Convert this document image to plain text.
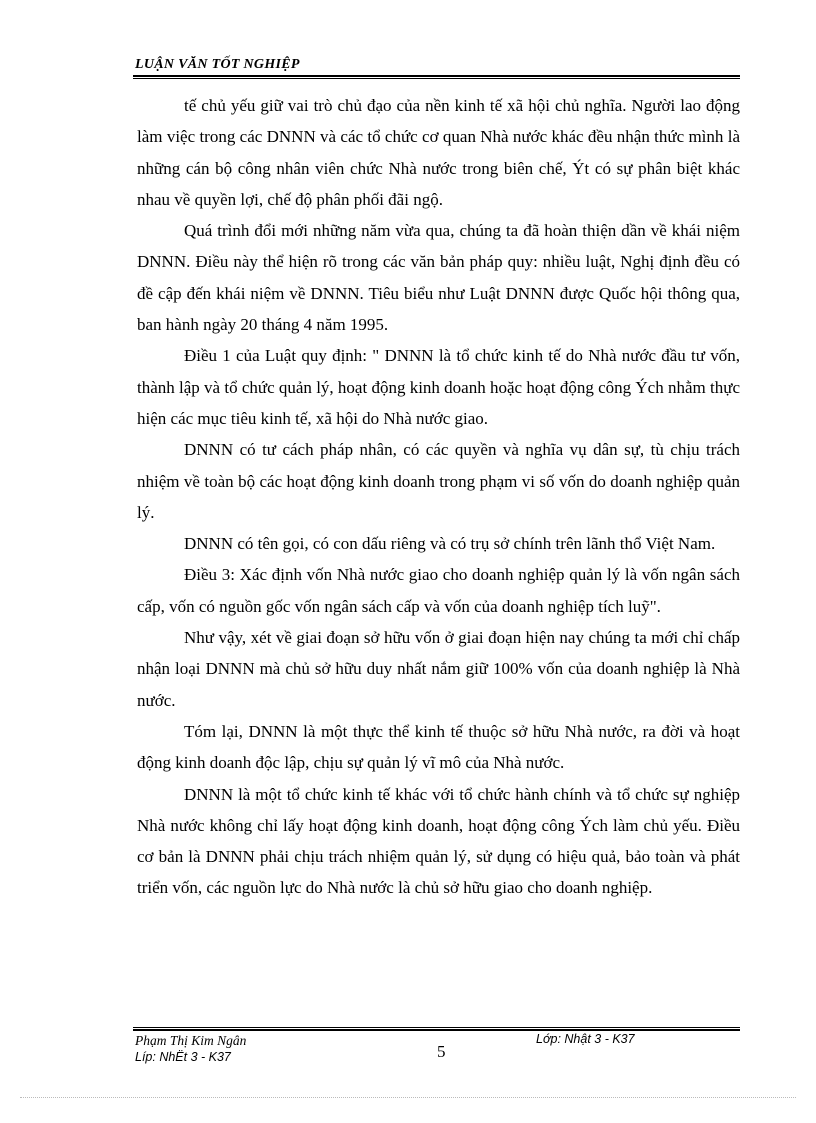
LUẬN VĂN TỐT NGHIỆP

tế chủ yếu giữ vai trò chủ đạo của nền kinh tế xã hội chủ nghĩa. Người lao động làm việc trong các DNNN và các tổ chức cơ quan Nhà nước khác đều nhận thức mình là những cán bộ công nhân viên chức Nhà nước trong biên chế, Ýt có sự phân biệt khác nhau về quyền lợi, chế độ phân phối đãi ngộ.

Quá trình đổi mới những năm vừa qua, chúng ta đã hoàn thiện dần về khái niệm DNNN. Điều này thể hiện rõ trong các văn bản pháp quy: nhiều luật, Nghị định đều có đề cập đến khái niệm về DNNN. Tiêu biểu như Luật DNNN được Quốc hội thông qua, ban hành ngày 20 tháng 4 năm 1995.

Điều 1 của Luật quy định: " DNNN là tổ chức kinh tế do Nhà nước đầu tư vốn, thành lập và tổ chức quản lý, hoạt động kinh doanh hoặc hoạt động công Ých nhằm thực hiện các mục tiêu kinh tế, xã hội do Nhà nước giao.

DNNN có tư cách pháp nhân, có các quyền và nghĩa vụ dân sự, tù chịu trách nhiệm về toàn bộ các hoạt động kinh doanh trong phạm vi số vốn do doanh nghiệp quản lý.

DNNN có tên gọi, có con dấu riêng và có trụ sở chính trên lãnh thổ Việt Nam.

Điều 3: Xác định vốn Nhà nước giao cho doanh nghiệp quản lý là vốn ngân sách cấp, vốn có nguồn gốc vốn ngân sách cấp và vốn của doanh nghiệp tích luỹ".

Như vậy, xét về giai đoạn sở hữu vốn ở giai đoạn hiện nay chúng ta mới chỉ chấp nhận loại DNNN mà chủ sở hữu duy nhất nắm giữ 100% vốn của doanh nghiệp là Nhà nước.

Tóm lại, DNNN là một thực thể kinh tế thuộc sở hữu Nhà nước, ra đời và hoạt động kinh doanh độc lập, chịu sự quản lý vĩ mô của Nhà nước.

DNNN là một tổ chức kinh tế khác với tổ chức hành chính và tổ chức sự nghiệp Nhà nước không chỉ lấy hoạt động kinh doanh, hoạt động công Ých làm chủ yếu. Điều cơ bản là DNNN phải chịu trách nhiệm quản lý, sử dụng có hiệu quả, bảo toàn và phát triển vốn, các nguồn lực do Nhà nước là chủ sở hữu giao cho doanh nghiệp.

Phạm Thị Kim Ngân
Líp: NhËt 3 - K37	5
Lớp: Nhật 3 - K37
